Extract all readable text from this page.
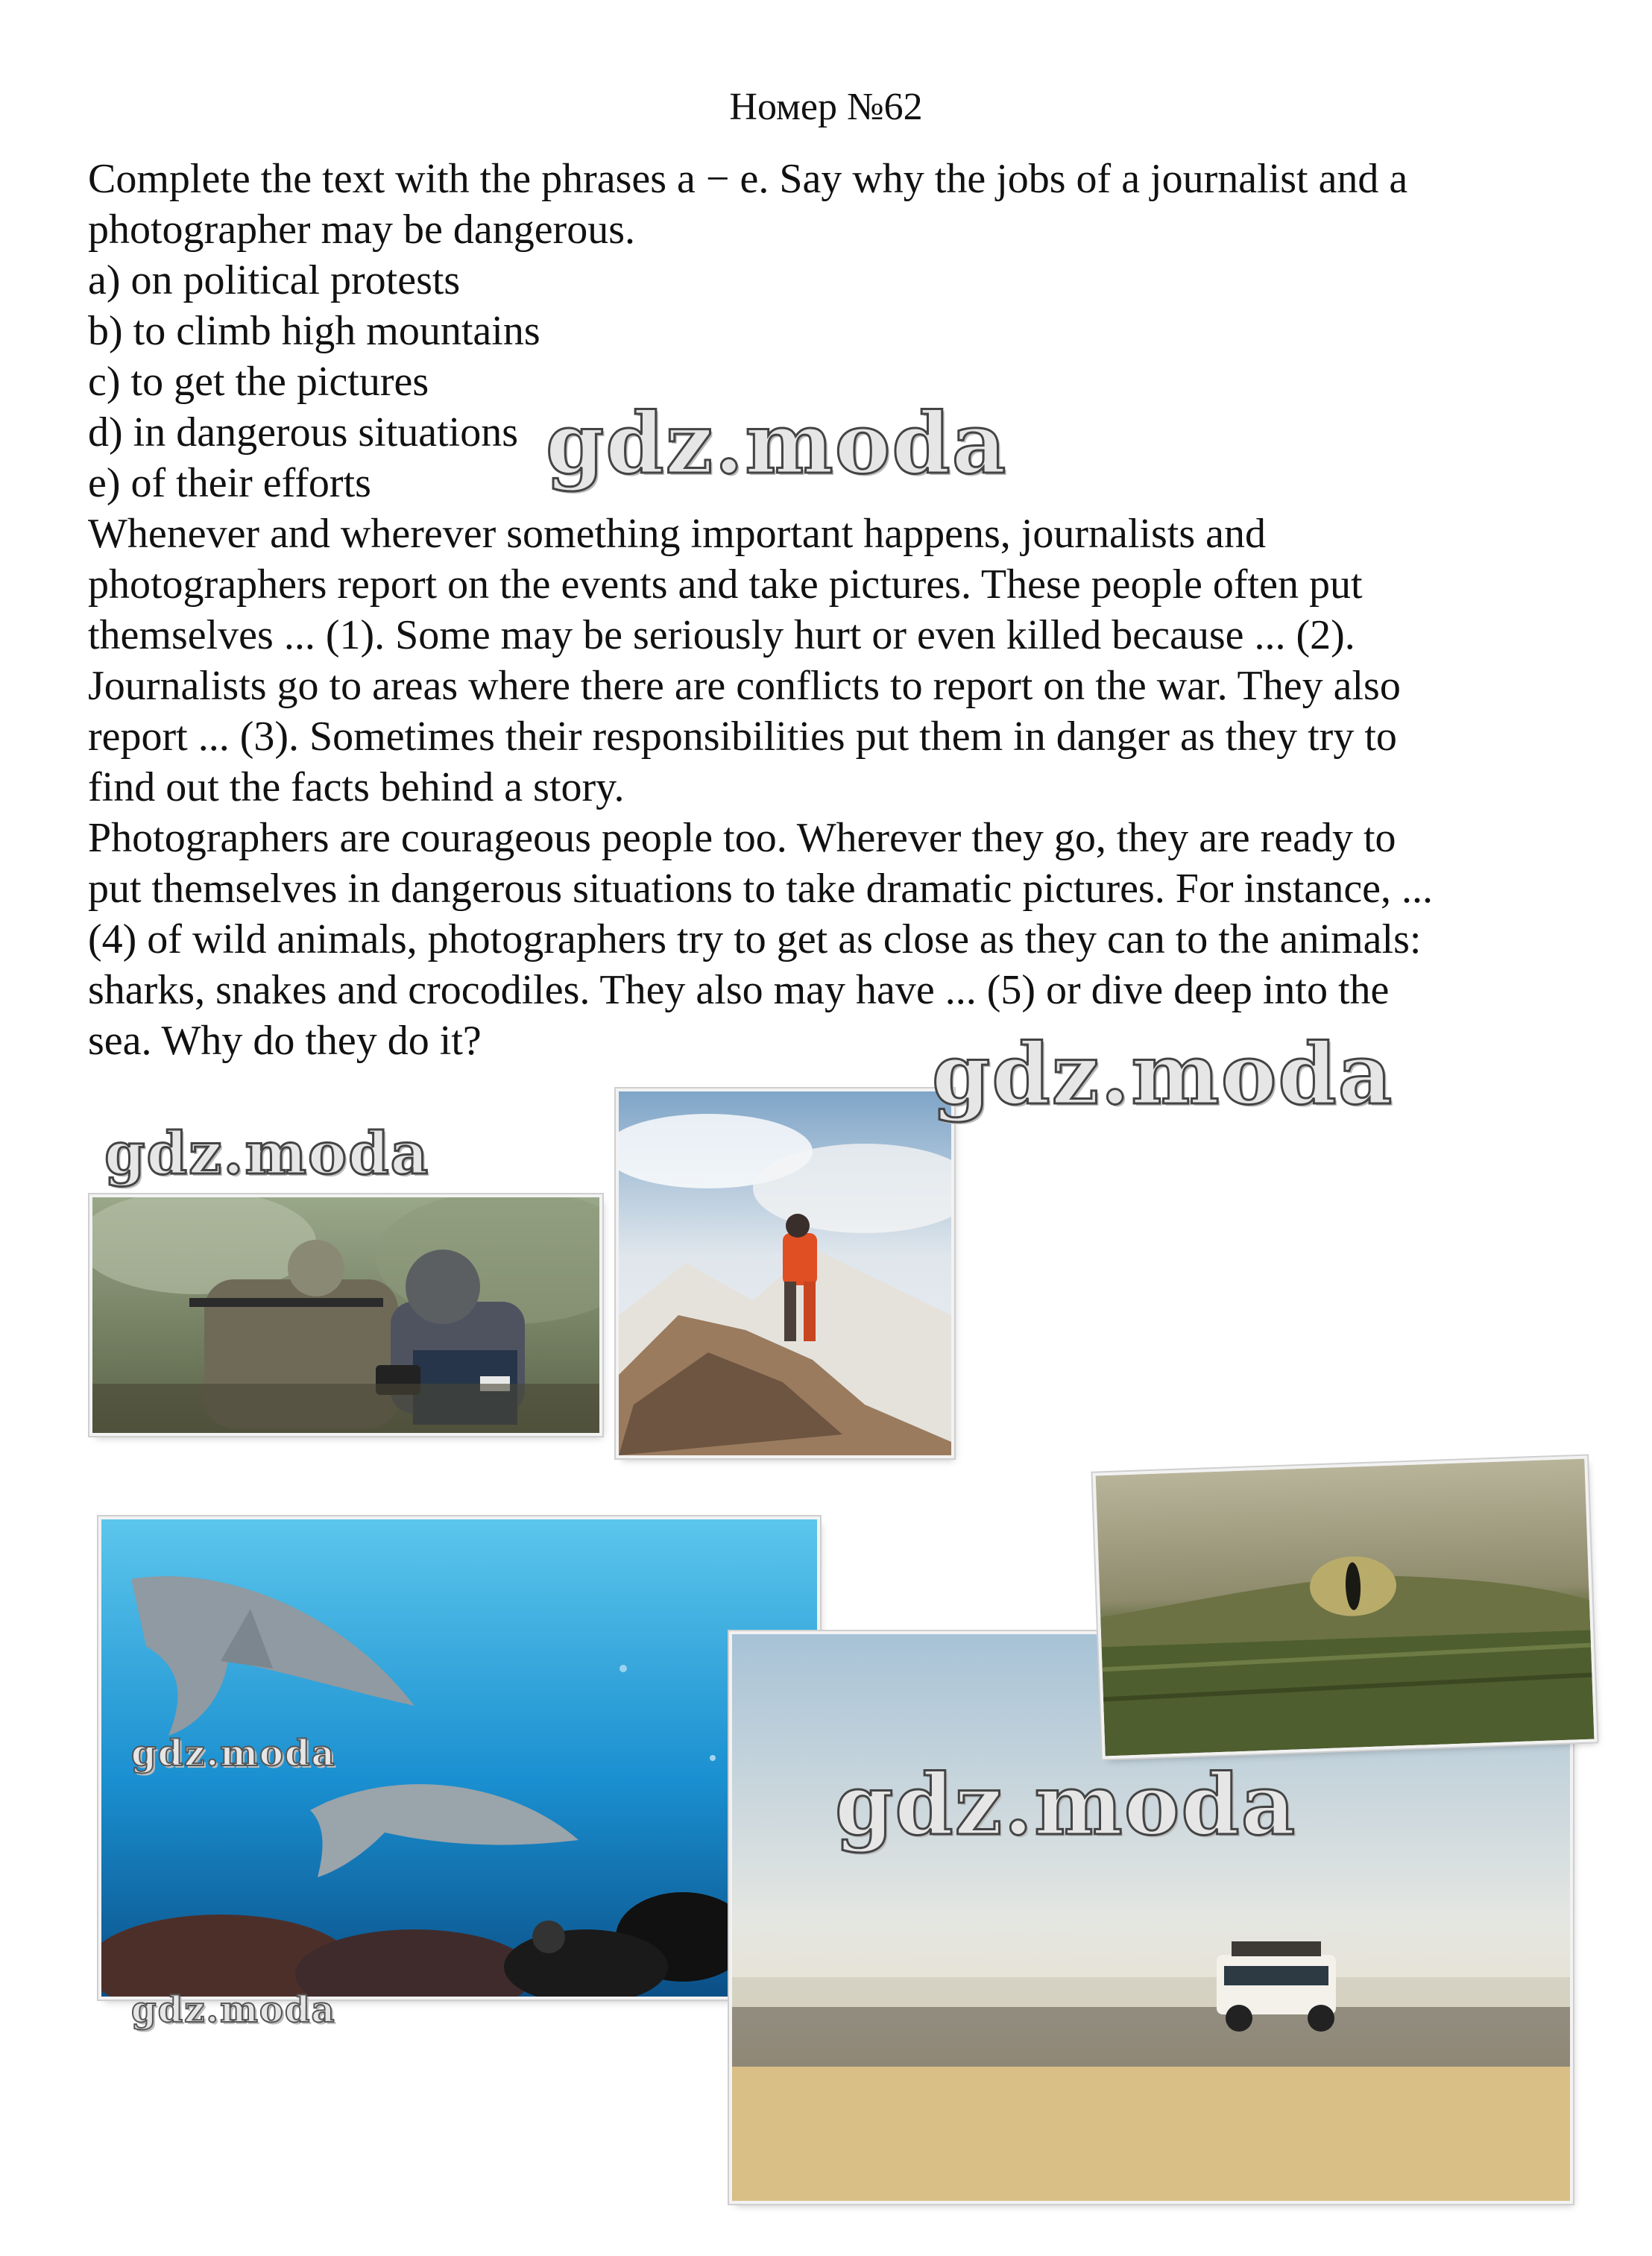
Номер №62

Complete the text with the phrases a − e. Say why the jobs of a journalist and a

photographer may be dangerous.

a) on political protests

b) to climb high mountains

c) to get the pictures

d) in dangerous situations

e) of their efforts

Whenever and wherever something important happens, journalists and

photographers report on the events and take pictures. These people often put

themselves ... (1). Some may be seriously hurt or even killed because ... (2).

Journalists go to areas where there are conflicts to report on the war. They also

report ... (3). Sometimes their responsibilities put them in danger as they try to

find out the facts behind a story.

Photographers are courageous people too. Wherever they go, they are ready to

put themselves in dangerous situations to take dramatic pictures. For instance, ...

(4) of wild animals, photographers try to get as close as they can to the animals:

sharks, snakes and crocodiles. They also may have ... (5) or dive deep into the

sea. Why do they do it?

gdz.moda
gdz.moda
gdz.moda
gdz.moda
gdz.moda
gdz.moda
